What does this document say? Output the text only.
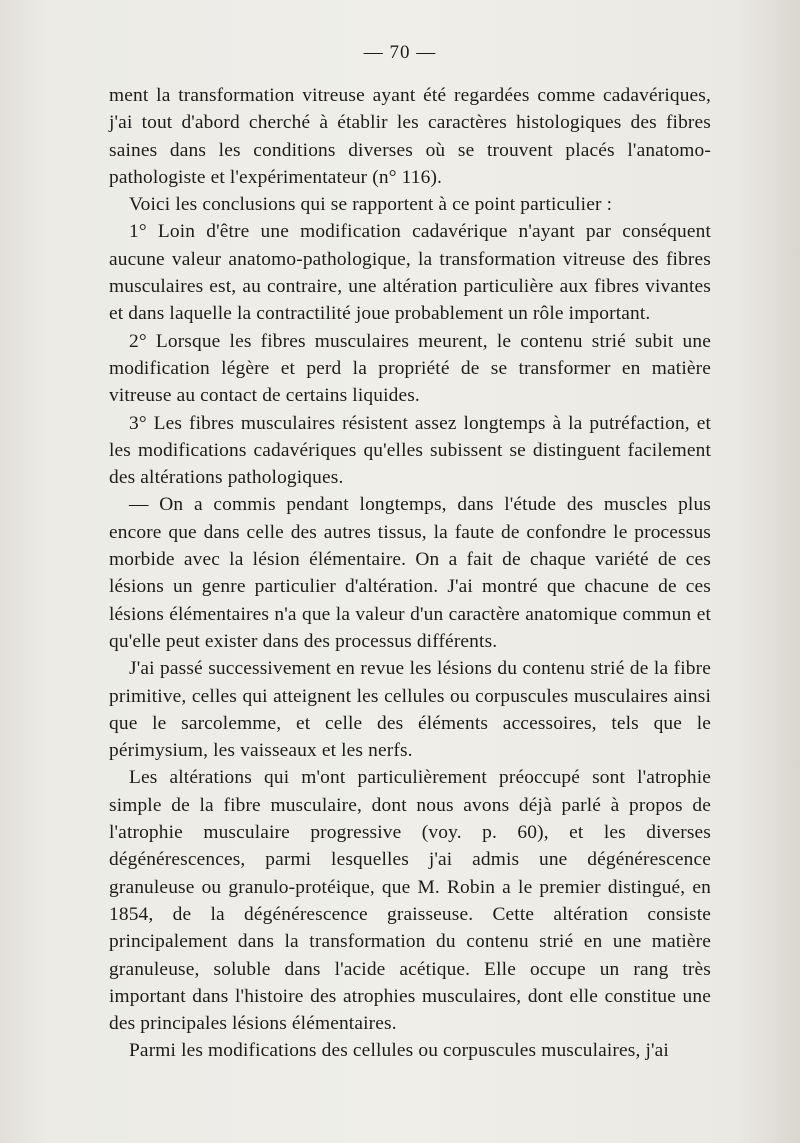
— 70 —

ment la transformation vitreuse ayant été regardées comme cadavériques, j'ai tout d'abord cherché à établir les caractères histologiques des fibres saines dans les conditions diverses où se trouvent placés l'anatomo-pathologiste et l'expérimentateur (n° 116).

Voici les conclusions qui se rapportent à ce point particulier :

1° Loin d'être une modification cadavérique n'ayant par conséquent aucune valeur anatomo-pathologique, la transformation vitreuse des fibres musculaires est, au contraire, une altération particulière aux fibres vivantes et dans laquelle la contractilité joue probablement un rôle important.

2° Lorsque les fibres musculaires meurent, le contenu strié subit une modification légère et perd la propriété de se transformer en matière vitreuse au contact de certains liquides.

3° Les fibres musculaires résistent assez longtemps à la putréfaction, et les modifications cadavériques qu'elles subissent se distinguent facilement des altérations pathologiques.

— On a commis pendant longtemps, dans l'étude des muscles plus encore que dans celle des autres tissus, la faute de confondre le processus morbide avec la lésion élémentaire. On a fait de chaque variété de ces lésions un genre particulier d'altération. J'ai montré que chacune de ces lésions élémentaires n'a que la valeur d'un caractère anatomique commun et qu'elle peut exister dans des processus différents.

J'ai passé successivement en revue les lésions du contenu strié de la fibre primitive, celles qui atteignent les cellules ou corpuscules musculaires ainsi que le sarcolemme, et celle des éléments accessoires, tels que le périmysium, les vaisseaux et les nerfs.

Les altérations qui m'ont particulièrement préoccupé sont l'atrophie simple de la fibre musculaire, dont nous avons déjà parlé à propos de l'atrophie musculaire progressive (voy. p. 60), et les diverses dégénérescences, parmi lesquelles j'ai admis une dégénérescence granuleuse ou granulo-protéique, que M. Robin a le premier distingué, en 1854, de la dégénérescence graisseuse. Cette altération consiste principalement dans la transformation du contenu strié en une matière granuleuse, soluble dans l'acide acétique. Elle occupe un rang très important dans l'histoire des atrophies musculaires, dont elle constitue une des principales lésions élémentaires.

Parmi les modifications des cellules ou corpuscules musculaires, j'ai
